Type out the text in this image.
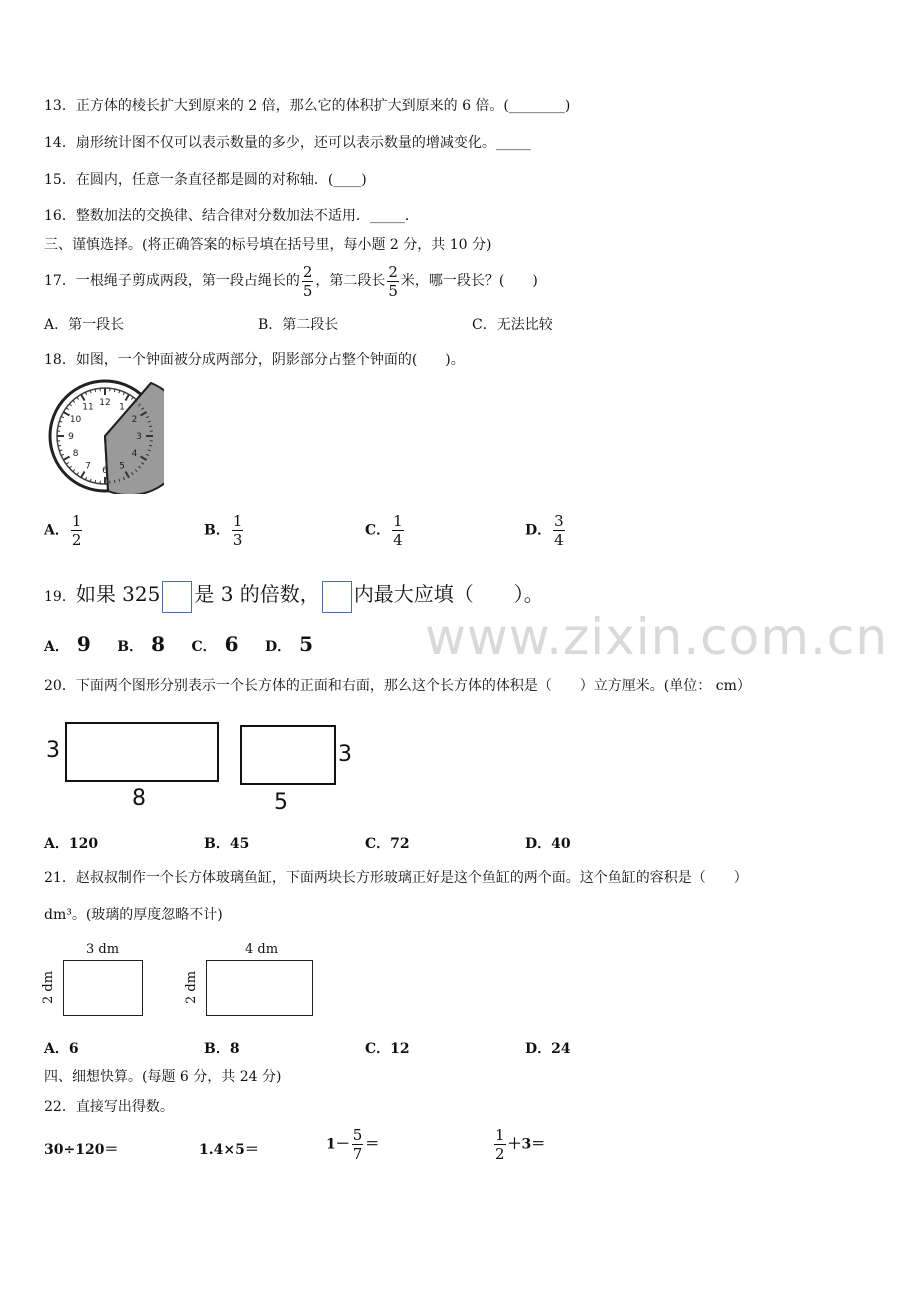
13．正方体的棱长扩大到原来的 2 倍，那么它的体积扩大到原来的 6 倍。(________)
14．扇形统计图不仅可以表示数量的多少，还可以表示数量的增减变化。_____
15．在圆内，任意一条直径都是圆的对称轴．(____)
16．整数加法的交换律、结合律对分数加法不适用．_____．
三、谨慎选择。(将正确答案的标号填在括号里，每小题 2 分，共 10 分)
17．一根绳子剪成两段，第一段占绳长的 $\frac{2}{5}$ ，第二段长 $\frac{2}{5}$ 米，哪一段长？(　　)
A．第一段长	B．第二段长	C．无法比较
18．如图，一个钟面被分成两部分，阴影部分占整个钟面的(　　)。
11 12 1
2
3
4
5
6
7
8
9
10
A． $\frac{1}{2}$	B． $\frac{1}{3}$	C． $\frac{1}{4}$	D． $\frac{3}{4}$
19．如果 325 是 3 的倍数， 内最大应填（　　）。
A． 9 B． 8 C． 6 D． 5 www.zixin.com.cn
20．下面两个图形分别表示一个长方体的正面和右面，那么这个长方体的体积是（　　）立方厘米。(单位： cm）
3
8
3
5
A．120	B．45	C．72	D．40
21．赵叔叔制作一个长方体玻璃鱼缸，下面两块长方形玻璃正好是这个鱼缸的两个面。这个鱼缸的容积是（　　）
dm³。(玻璃的厚度忽略不计)
3 dm
2 dm
4 dm
2 dm
A．6	B．8	C．12	D．24
四、细想快算。(每题 6 分，共 24 分)
22．直接写出得数。
30÷120＝	1.4×5＝	$1- \frac{5}{7}$ ＝	$\frac{1}{2} +3=$
